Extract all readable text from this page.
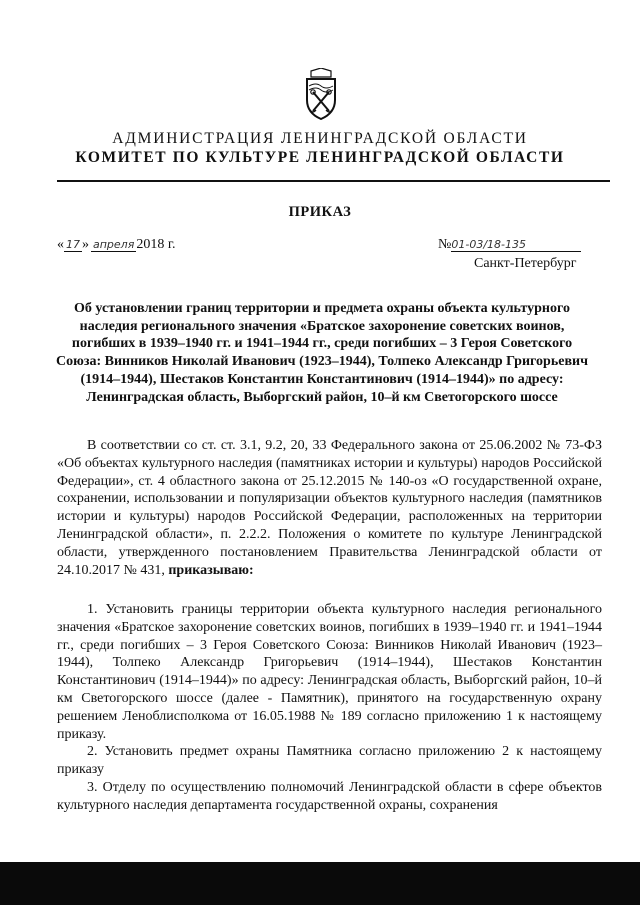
АДМИНИСТРАЦИЯ ЛЕНИНГРАДСКОЙ ОБЛАСТИ
КОМИТЕТ ПО КУЛЬТУРЕ ЛЕНИНГРАДСКОЙ ОБЛАСТИ
ПРИКАЗ
« 17 » апреля 2018 г.	№01-03/18-135
Санкт-Петербург
Об установлении границ территории и предмета охраны объекта культурного наследия регионального значения «Братское захоронение советских воинов, погибших в 1939–1940 гг. и 1941–1944 гг., среди погибших – 3 Героя Советского Союза: Винников Николай Иванович (1923–1944), Толпеко Александр Григорьевич (1914–1944), Шестаков Константин Константинович (1914–1944)» по адресу: Ленинградская область, Выборгский район, 10–й км Светогорского шоссе

В соответствии со ст. ст. 3.1, 9.2, 20, 33 Федерального закона от 25.06.2002 № 73-ФЗ «Об объектах культурного наследия (памятниках истории и культуры) народов Российской Федерации», ст. 4 областного закона от 25.12.2015 № 140-оз «О государственной охране, сохранении, использовании и популяризации объектов культурного наследия (памятников истории и культуры) народов Российской Федерации, расположенных на территории Ленинградской области», п. 2.2.2. Положения о комитете по культуре Ленинградской области, утвержденного постановлением Правительства Ленинградской области от 24.10.2017 № 431, приказываю:

1. Установить границы территории объекта культурного наследия регионального значения «Братское захоронение советских воинов, погибших в 1939–1940 гг. и 1941–1944 гг., среди погибших – 3 Героя Советского Союза: Винников Николай Иванович (1923–1944), Толпеко Александр Григорьевич (1914–1944), Шестаков Константин Константинович (1914–1944)» по адресу: Ленинградская область, Выборгский район, 10–й км Светогорского шоссе (далее - Памятник), принятого на государственную охрану решением Леноблисполкома от 16.05.1988 № 189 согласно приложению 1 к настоящему приказу.

2. Установить предмет охраны Памятника согласно приложению 2 к настоящему приказу

3. Отделу по осуществлению полномочий Ленинградской области в сфере объектов культурного наследия департамента государственной охраны, сохранения
